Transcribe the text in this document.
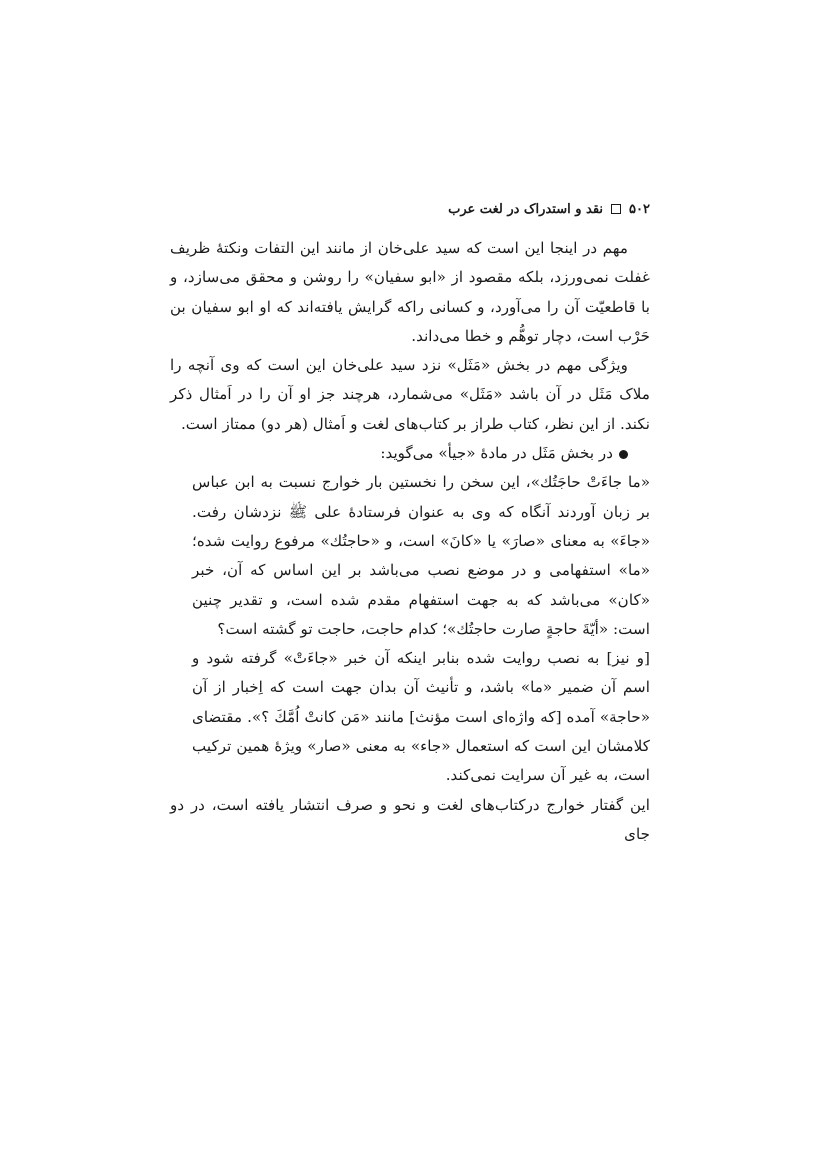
۵۰۲
نقد و استدراک در لغت عرب

مهم در اینجا این است که سید علی‌خان از مانند این التفات ونکتهٔ ظریف غفلت نمی‌ورزد، بلکه مقصود از «ابو سفیان» را روشن و محقق می‌سازد، و با قاطعیّت آن را می‌آورد، و کسانی راکه گرایش یافته‌اند که او ابو سفیان بن حَرْب است، دچار توهُّم و خطا می‌داند.

ویژگی مهم در بخش «مَثَل» نزد سید علی‌خان این است که وی آنچه را ملاک مَثَل در آن باشد «مَثَل» می‌شمارد، هرچند جز او آن را در اَمثال ذکر نکند. از این نظر، کتاب طراز بر کتاب‌های لغت و اَمثال (هر دو) ممتاز است.

در بخش مَثَل در مادهٔ «جیأ» می‌گوید:

«ما جاءَتْ حاجَتُك»، این سخن را نخستین بار خوارج نسبت به ابن عباس بر زبان آوردند آنگاه که وی به عنوان فرستادهٔ علی ﷺ نزدشان رفت. «جاءَ» به معنای «صارَ» یا «کانَ» است، و «حاجتُك» مرفوع روایت شده؛ «ما» استفهامی و در موضع نصب می‌باشد بر این اساس که آن، خبر «کان» می‌باشد که به جهت استفهام مقدم شده است، و تقدیر چنین است: «أیّةَ حاجةٍ صارت حاجتُك»؛ کدام حاجت، حاجت تو گشته است؟

[و نیز] به نصب روایت شده بنابر اینکه آن خبر «جاءَتْ» گرفته شود و اسم آن ضمیر «ما» باشد، و تأنیث آن بدان جهت است که اِخبار از آن «حاجة» آمده [که واژه‌ای است مؤنث] مانند «مَن کانتْ اُمَّكَ ؟». مقتضای کلامشان این است که استعمال «جاء» به معنی «صار» ویژهٔ همین ترکیب است، به غیر آن سرایت نمی‌کند.

این گفتار خوارج درکتاب‌های لغت و نحو و صرف انتشار یافته است، در دو جای
